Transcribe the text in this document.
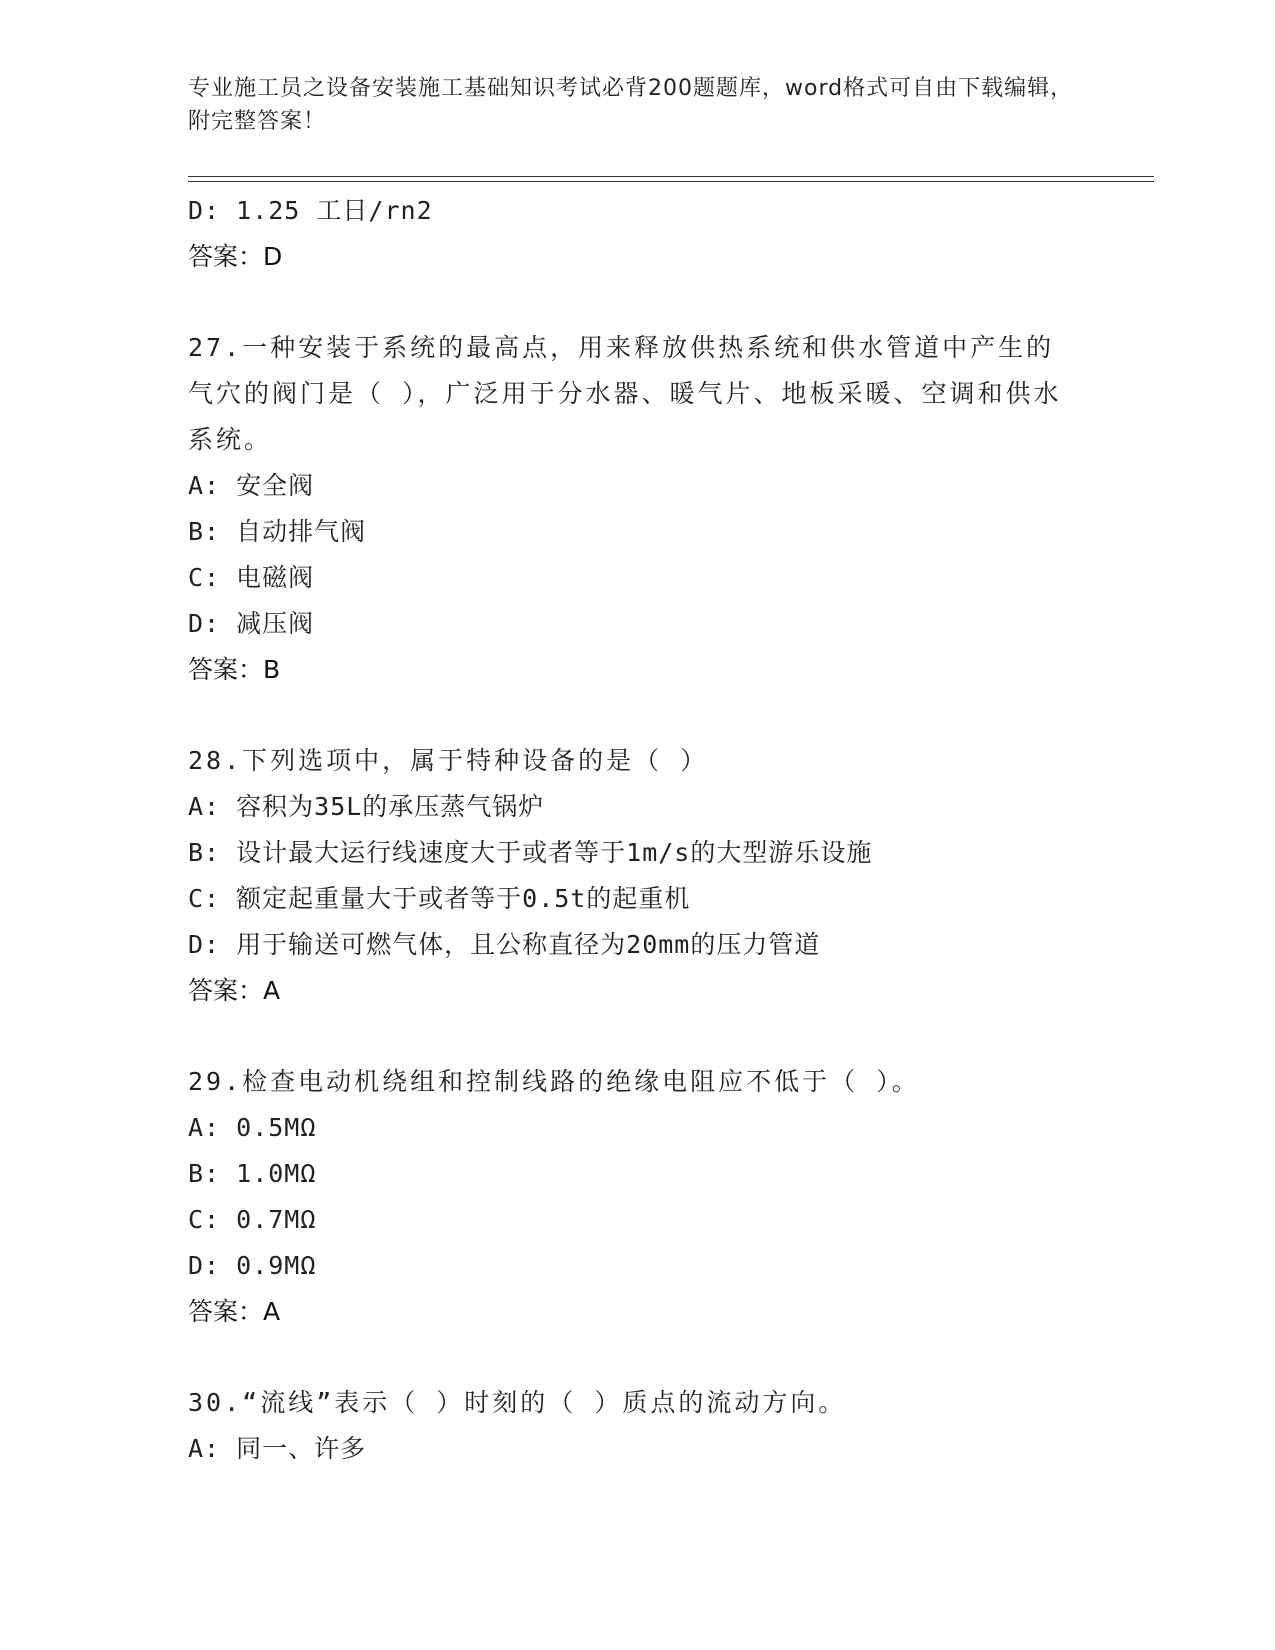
专业施工员之设备安装施工基础知识考试必背200题题库，word格式可自由下载编辑，附完整答案！
D: 1.25 工日/rn2
答案：D
27.一种安装于系统的最高点，用来释放供热系统和供水管道中产生的气穴的阀门是（ ），广泛用于分水器、暖气片、地板采暖、空调和供水系统。
A: 安全阀
B: 自动排气阀
C: 电磁阀
D: 减压阀
答案：B
28.下列选项中，属于特种设备的是（ ）
A: 容积为35L的承压蒸气锅炉
B: 设计最大运行线速度大于或者等于1m/s的大型游乐设施
C: 额定起重量大于或者等于0.5t的起重机
D: 用于输送可燃气体，且公称直径为20mm的压力管道
答案：A
29.检查电动机绕组和控制线路的绝缘电阻应不低于（ ）。
A: 0.5MΩ
B: 1.0MΩ
C: 0.7MΩ
D: 0.9MΩ
答案：A
30.“流线”表示（ ）时刻的（ ）质点的流动方向。
A: 同一、许多
